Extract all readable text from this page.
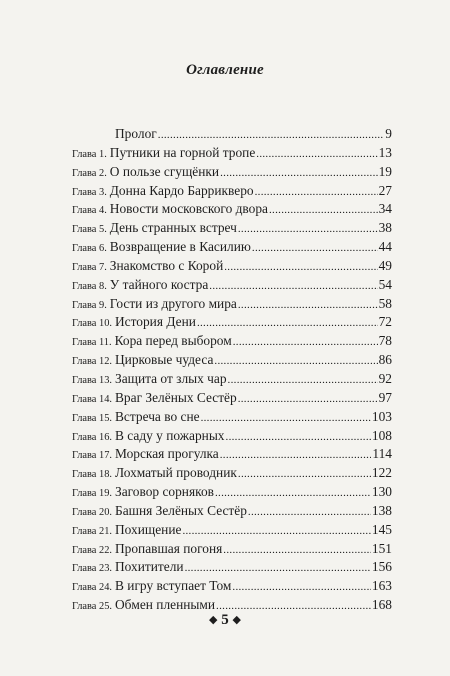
Оглавление
Пролог .....	9
Глава 1. Путники на горной тропе .....	13
Глава 2. О пользе сгущёнки .....	19
Глава 3. Донна Кардо Баррикверо .....	27
Глава 4. Новости московского двора .....	34
Глава 5. День странных встреч .....	38
Глава 6. Возвращение в Касилию .....	44
Глава 7. Знакомство с Корой .....	49
Глава 8. У тайного костра .....	54
Глава 9. Гости из другого мира .....	58
Глава 10. История Дени .....	72
Глава 11. Кора перед выбором .....	78
Глава 12. Цирковые чудеса .....	86
Глава 13. Защита от злых чар .....	92
Глава 14. Враг Зелёных Сестёр .....	97
Глава 15. Встреча во сне .....	103
Глава 16. В саду у пожарных .....	108
Глава 17. Морская прогулка .....	114
Глава 18. Лохматый проводник .....	122
Глава 19. Заговор сорняков .....	130
Глава 20. Башня Зелёных Сестёр .....	138
Глава 21. Похищение .....	145
Глава 22. Пропавшая погоня .....	151
Глава 23. Похитители .....	156
Глава 24. В игру вступает Том .....	163
Глава 25. Обмен пленными .....	168
◆ 5 ◆
